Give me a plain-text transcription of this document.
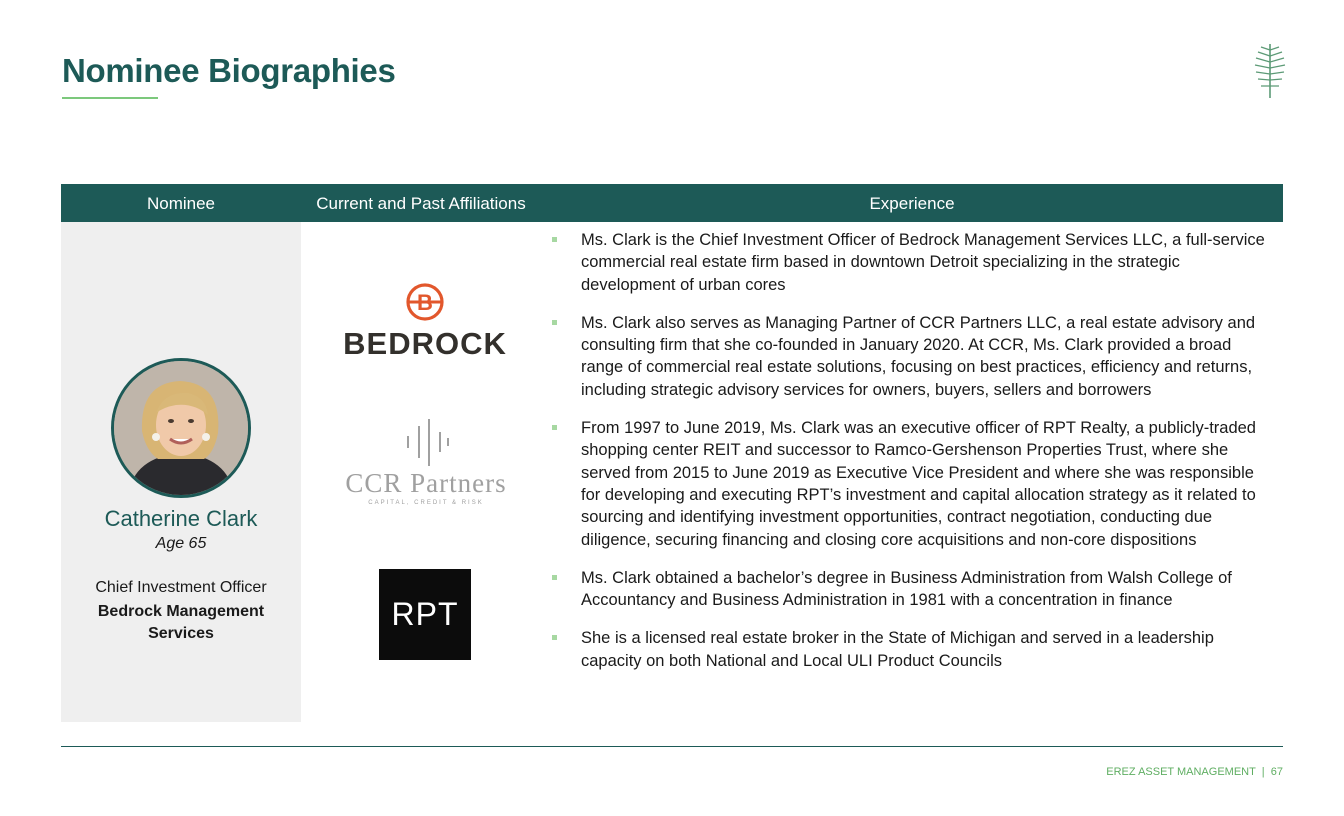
Nominee Biographies
Nominee	Current and Past Affiliations	Experience
Catherine Clark
Age 65
Chief Investment Officer
Bedrock Management Services
B
BEDROCK
CCR Partners
CAPITAL, CREDIT & RISK
RPT
Ms. Clark is the Chief Investment Officer of Bedrock Management Services LLC, a full-service commercial real estate firm based in downtown Detroit specializing in the strategic development of urban cores
Ms. Clark also serves as Managing Partner of CCR Partners LLC, a real estate advisory and consulting firm that she co-founded in January 2020. At CCR, Ms. Clark provided a broad range of commercial real estate solutions, focusing on best practices, efficiency and returns, including strategic advisory services for owners, buyers, sellers and borrowers
From 1997 to June 2019, Ms. Clark was an executive officer of RPT Realty, a publicly-traded shopping center REIT and successor to Ramco-Gershenson Properties Trust, where she served from 2015 to June 2019 as Executive Vice President and where she was responsible for developing and executing RPT’s investment and capital allocation strategy as it related to sourcing and identifying investment opportunities, contract negotiation, conducting due diligence, securing financing and closing core acquisitions and non-core dispositions
Ms. Clark obtained a bachelor’s degree in Business Administration from Walsh College of Accountancy and Business Administration in 1981 with a concentration in finance
She is a licensed real estate broker in the State of Michigan and served in a leadership capacity on both National and Local ULI Product Councils
EREZ ASSET MANAGEMENT | 67
